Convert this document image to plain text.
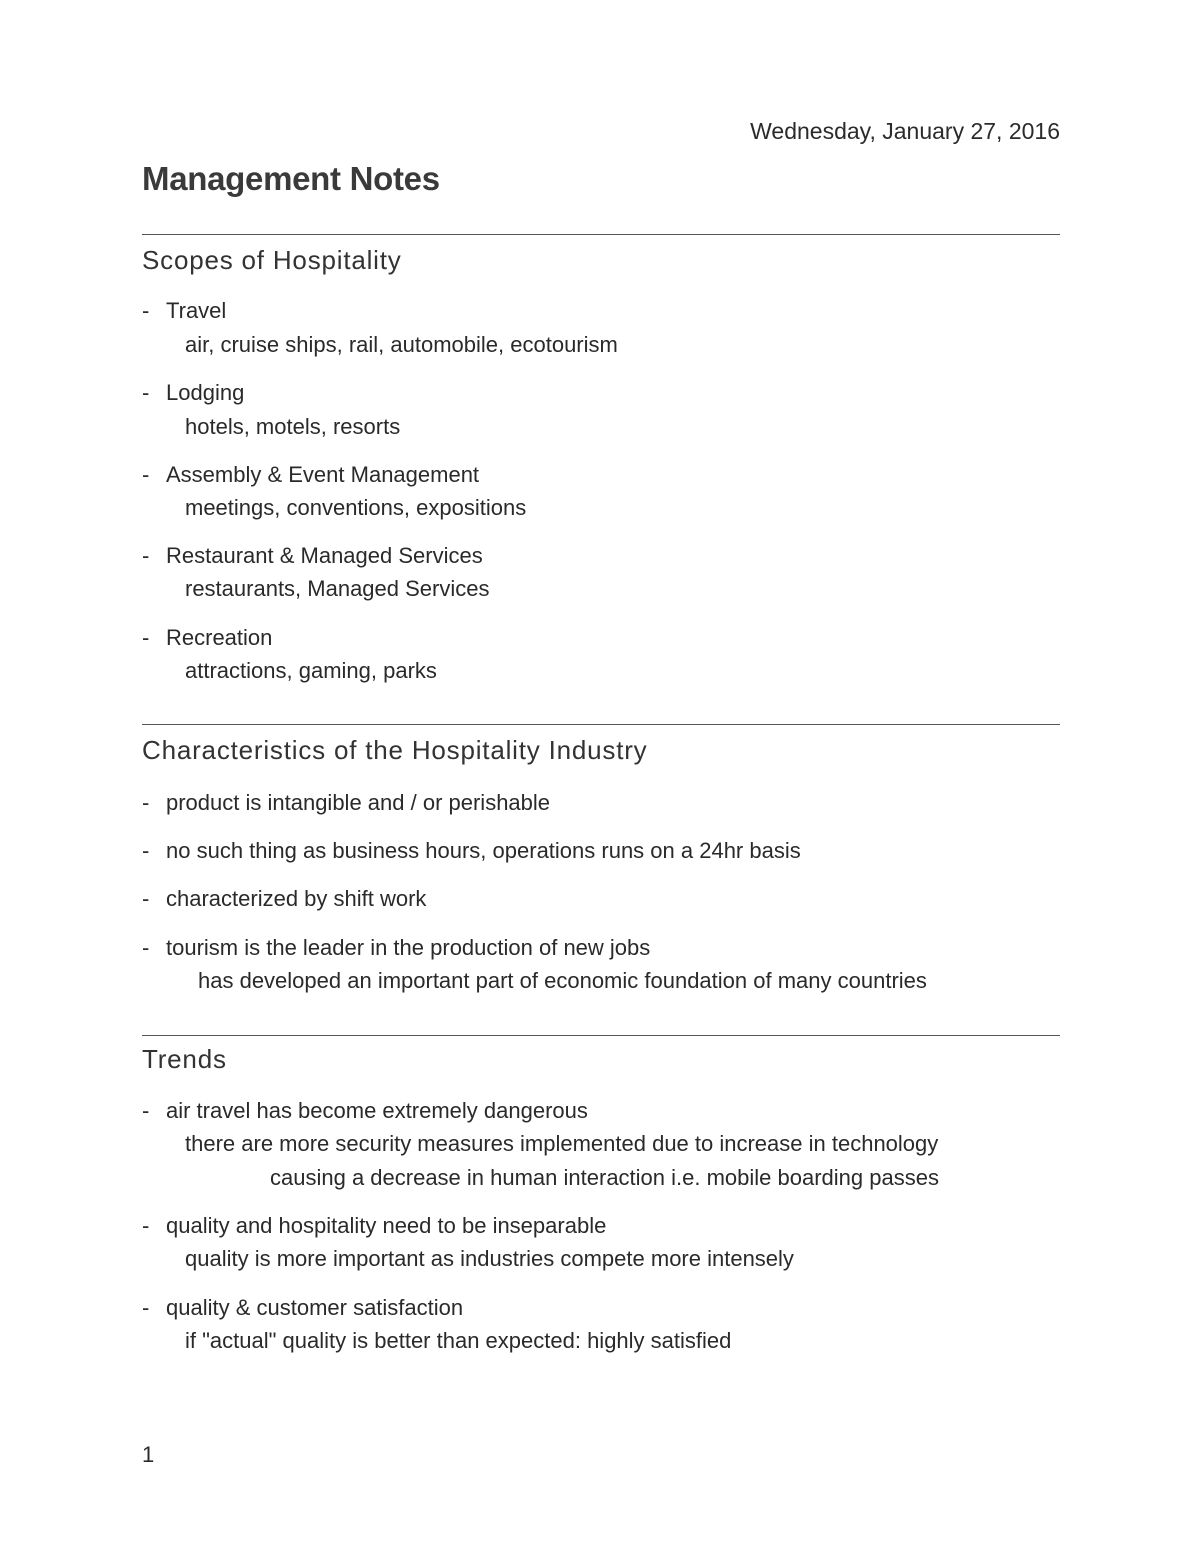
Wednesday, January 27, 2016
Management Notes
Scopes of Hospitality
- Travel
air, cruise ships, rail, automobile, ecotourism
- Lodging
hotels, motels, resorts
- Assembly & Event Management
meetings, conventions, expositions
- Restaurant & Managed Services
restaurants, Managed Services
- Recreation
attractions, gaming, parks
Characteristics of the Hospitality Industry
- product is intangible and / or perishable
- no such thing as business hours, operations runs on a 24hr basis
- characterized by shift work
- tourism is the leader in the production of new jobs
has developed an important part of economic foundation of many countries
Trends
- air travel has become extremely dangerous
there are more security measures implemented due to increase in technology
causing a decrease in human interaction i.e. mobile boarding passes
- quality and hospitality need to be inseparable
quality is more important as industries compete more intensely
- quality & customer satisfaction
if "actual" quality is better than expected: highly satisfied
1
